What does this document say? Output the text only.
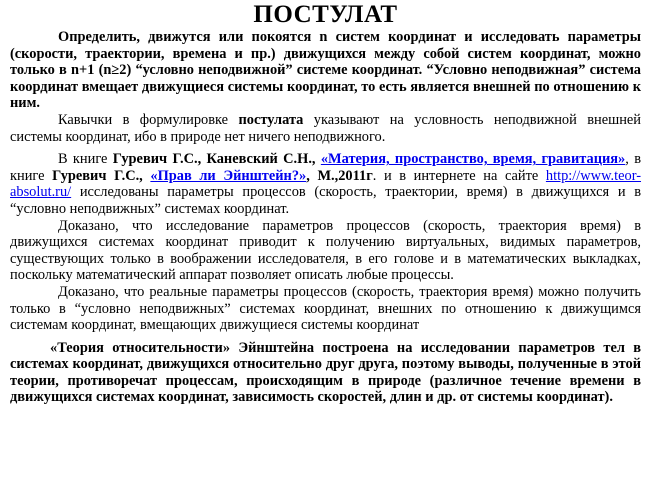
ПОСТУЛАТ

Определить, движутся или покоятся n систем координат и исследовать параметры (скорости, траектории, времена и пр.) движущихся между собой систем координат, можно только в n+1 (n≥2) “условно неподвижной” системе координат. “Условно неподвижная” система координат вмещает движущиеся системы координат, то есть является внешней по отношению к ним.

Кавычки в формулировке постулата указывают на условность неподвижной внешней системы координат, ибо в природе нет ничего неподвижного.

В книге Гуревич Г.С., Каневский С.Н., «Материя, пространство, время, гравитация», в книге Гуревич Г.С., «Прав ли Эйнштейн?», М.,2011г. и в интернете на сайте http://www.teor-absolut.ru/ исследованы параметры процессов (скорость, траектории, время) в движущихся и в “условно неподвижных” системах координат.

Доказано, что исследование параметров процессов (скорость, траектория время) в движущихся системах координат приводит к получению виртуальных, видимых параметров, существующих только в воображении исследователя, в его голове и в математических выкладках, поскольку математический аппарат позволяет описать любые процессы.

Доказано, что реальные параметры процессов (скорость, траектория время) можно получить только в “условно неподвижных” системах координат, внешних по отношению к движущимся системам координат, вмещающих движущиеся системы координат

«Теория относительности» Эйнштейна построена на исследовании параметров тел в системах координат, движущихся относительно друг друга, поэтому выводы, полученные в этой теории, противоречат процессам, происходящим в природе (различное течение времени в движущихся системах координат, зависимость скоростей, длин и др. от системы координат).
